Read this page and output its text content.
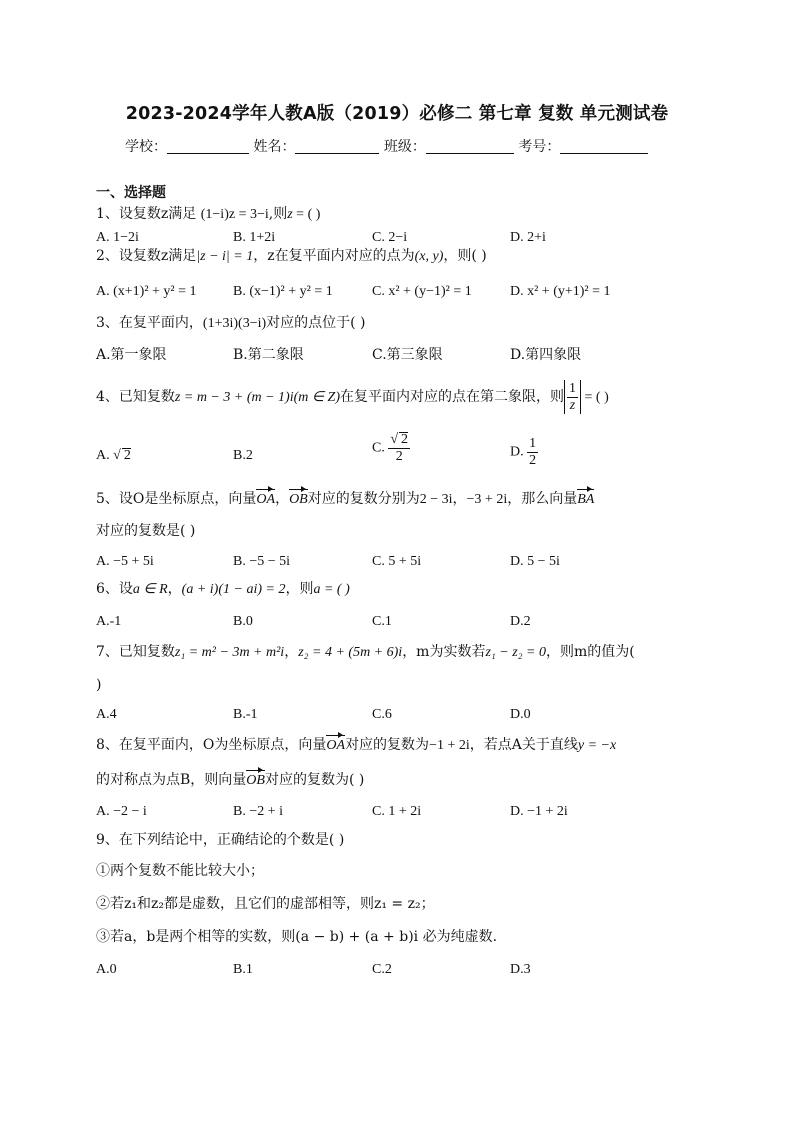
2023-2024学年人教A版（2019）必修二 第七章 复数 单元测试卷
学校：	姓名：	班级：	考号：
一、选择题
1、设复数z满足 (1−i)z = 3−i,则z = ( )
A. 1−2i	B. 1+2i	C. 2−i	D. 2+i
2、设复数z满足|z − i| = 1，z在复平面内对应的点为(x, y)，则( )
A. (x+1)² + y² = 1	B. (x−1)² + y² = 1	C. x² + (y−1)² = 1	D. x² + (y+1)² = 1
3、在复平面内，(1+3i)(3−i)对应的点位于( )
A.第一象限	B.第二象限	C.第三象限	D.第四象限
4、已知复数z = m − 3 + (m − 1)i(m ∈ Z)在复平面内对应的点在第二象限，则 $\frac{1}{z}$ = ( )
A. √ 2	B.2	C. $\frac{√ 2}{2}$	D. $\frac{1}{2}$
5、设O是坐标原点，向量OA，OB对应的复数分别为2 − 3i，−3 + 2i，那么向量BA
对应的复数是( )
A. −5 + 5i	B. −5 − 5i	C. 5 + 5i	D. 5 − 5i
6、设a ∈ R，(a + i)(1 − ai) = 2，则a = ( )
A.-1	B.0	C.1	D.2
7、已知复数z₁ = m² − 3m + m²i，z₂ = 4 + (5m + 6)i，m为实数若z₁ − z₂ = 0，则m的值为(
)
A.4	B.-1	C.6	D.0
8、在复平面内，O为坐标原点，向量OA对应的复数为−1 + 2i，若点A关于直线y = −x
的对称点为点B，则向量OB对应的复数为( )
A. −2 − i	B. −2 + i	C. 1 + 2i	D. −1 + 2i
9、在下列结论中，正确结论的个数是( )
①两个复数不能比较大小；
②若z₁和z₂都是虚数，且它们的虚部相等，则z₁ = z₂；
③若a，b是两个相等的实数，则(a − b) + (a + b)i 必为纯虚数.
A.0	B.1	C.2	D.3
